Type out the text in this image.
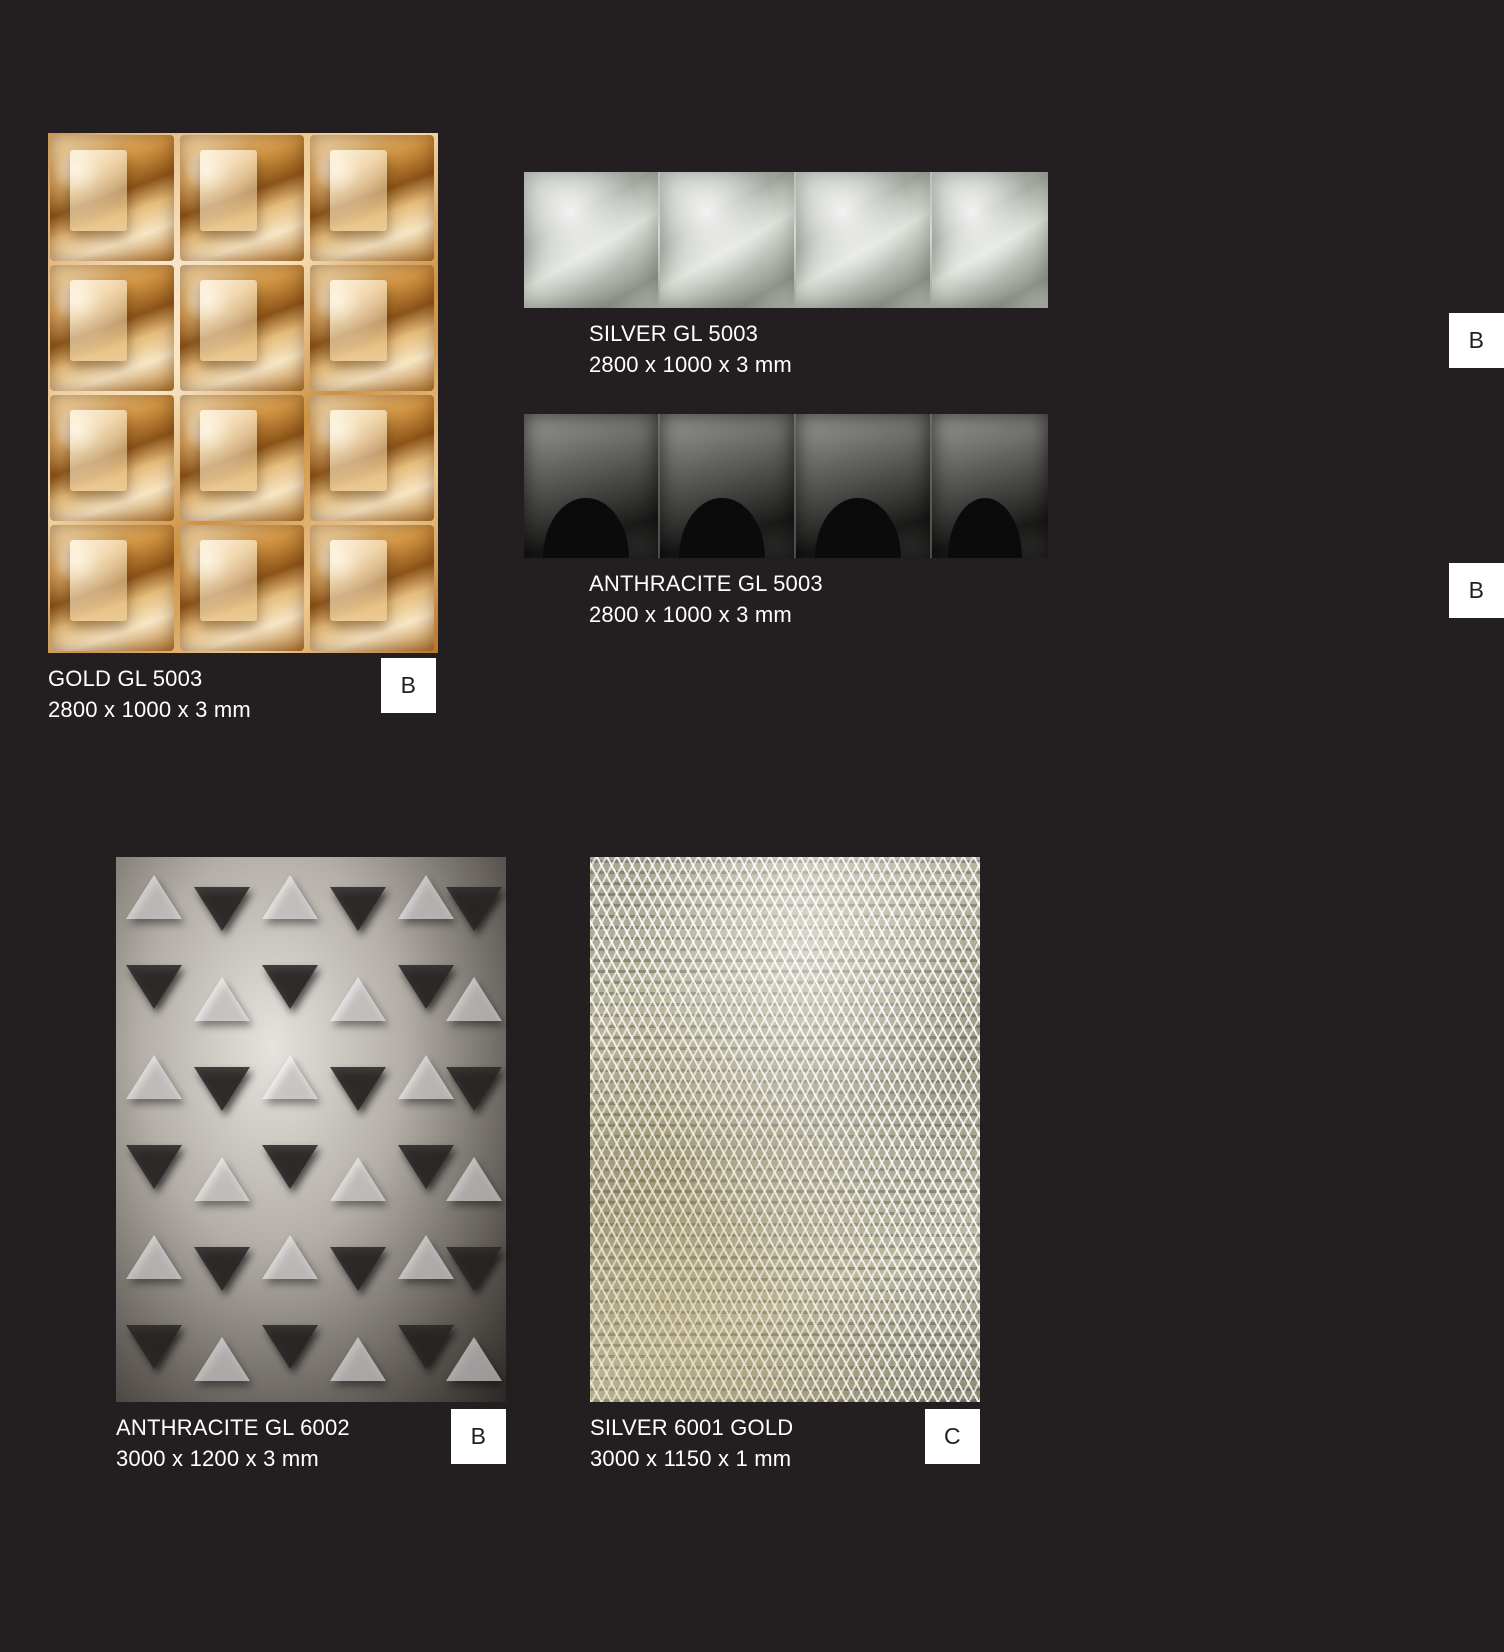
GOLD GL 5003
2800 x 1000 x 3 mm
B
SILVER GL 5003
2800 x 1000 x 3 mm
B
ANTHRACITE GL 5003
2800 x 1000 x 3 mm
B
ANTHRACITE GL 6002
3000 x 1200 x 3 mm
B	SILVER 6001 GOLD
3000 x 1150 x 1 mm
C
